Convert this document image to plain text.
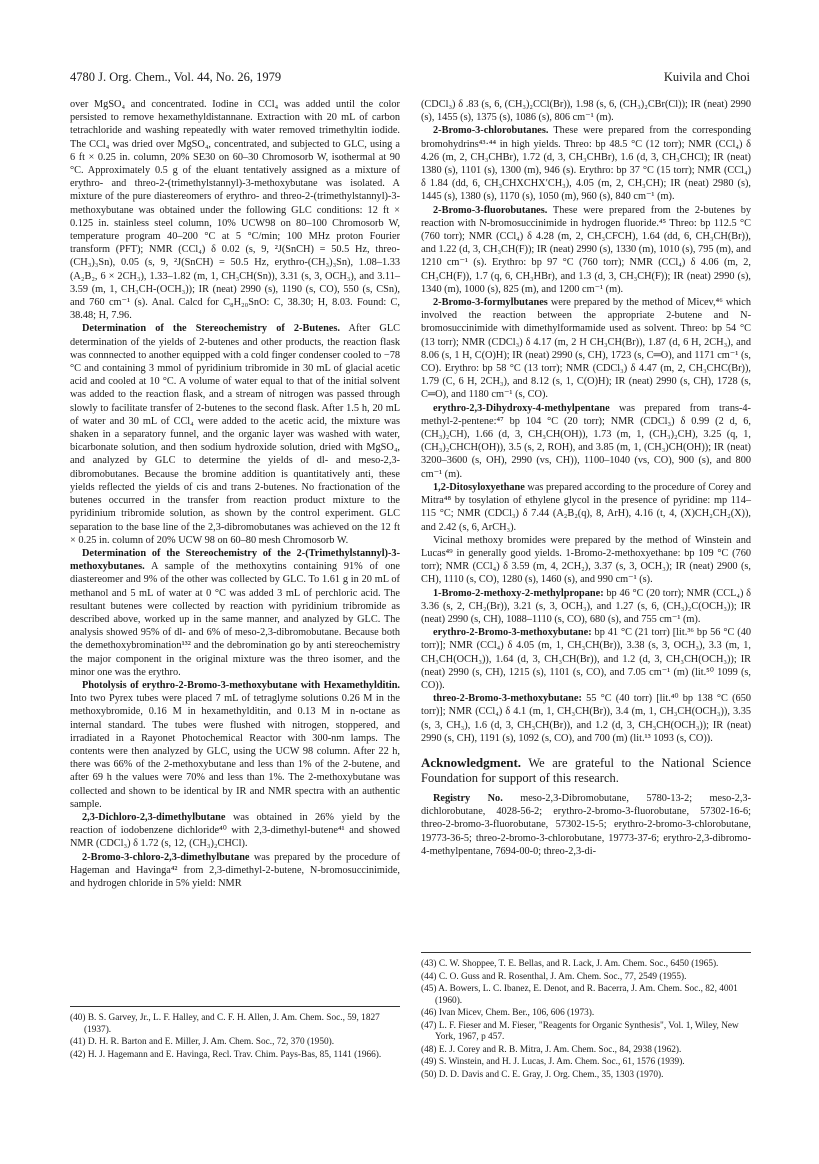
4780 J. Org. Chem., Vol. 44, No. 26, 1979	Kuivila and Choi

over MgSO₄ and concentrated. Iodine in CCl₄ was added until the color persisted to remove hexamethyldistannane. Extraction with 20 mL of carbon tetrachloride and washing repeatedly with water removed trimethyltin iodide. The CCl₄ was dried over MgSO₄, concentrated, and subjected to GLC, using a 6 ft × 0.25 in. column, 20% SE30 on 60–30 Chromosorb W, isothermal at 90 °C. Approximately 0.5 g of the eluant tentatively assigned as a mixture of erythro- and threo-2-(trimethylstannyl)-3-methoxybutane was isolated. A mixture of the pure diastereomers of erythro- and threo-2-(trimethylstannyl)-3-methoxybutane was obtained under the following GLC conditions: 12 ft × 0.125 in. stainless steel column, 10% UCW98 on 80–100 Chromosorb W, temperature program 40–200 °C at 5 °C/min; 100 MHz proton Fourier transform (PFT); NMR (CCl₄) δ 0.02 (s, 9, ²J(SnCH) = 50.5 Hz, threo-(CH₃)₃Sn), 0.05 (s, 9, ²J(SnCH) = 50.5 Hz, erythro-(CH₃)₃Sn), 1.08–1.33 (A₂B₂, 6 × 2CH₃), 1.33–1.82 (m, 1, CH₃CH(Sn)), 3.31 (s, 3, OCH₃), and 3.11–3.59 (m, 1, CH₃CH-(OCH₃)); IR (neat) 2990 (s), 1190 (s, CO), 550 (s, CSn), and 760 cm⁻¹ (s). Anal. Calcd for C₈H₂₀SnO: C, 38.30; H, 8.03. Found: C, 38.48; H, 7.96.

Determination of the Stereochemistry of 2-Butenes. After GLC determination of the yields of 2-butenes and other products, the reaction flask was connnected to another equipped with a cold finger condenser cooled to −78 °C and containing 3 mmol of pyridinium tribromide in 30 mL of glacial acetic acid and cooled at 10 °C. A volume of water equal to that of the initial solvent was added to the reaction flask, and a stream of nitrogen was passed through slowly to facilitate transfer of 2-butenes to the second flask. After 1.5 h, 20 mL of water and 30 mL of CCl₄ were added to the acetic acid, the mixture was shaken in a separatory funnel, and the organic layer was washed with water, bicarbonate solution, and then sodium hydroxide solution, dried with MgSO₄, and analyzed by GLC to determine the yields of dl- and meso-2,3-dibromobutanes. Because the bromine addition is quantitatively anti, these yields reflected the yields of cis and trans 2-butenes. No fractionation of the butenes occurred in the transfer from reaction product mixture to the pyridinium tribromide solution, as shown by the control experiment. GLC separation to the base line of the 2,3-dibromobutanes was achieved on the 12 ft × 0.25 in. column of 20% UCW 98 on 60–80 mesh Chromosorb W.

Determination of the Stereochemistry of the 2-(Trimethylstannyl)-3-methoxybutanes. A sample of the methoxytins containing 91% of one diastereomer and 9% of the other was collected by GLC. To 1.61 g in 20 mL of methanol and 5 mL of water at 0 °C was added 3 mL of perchloric acid. The resultant butenes were collected by reaction with pyridinium tribromide as described above, worked up in the same manner, and analyzed by GLC. The analysis showed 95% of dl- and 6% of meso-2,3-dibromobutane. Because both the demethoxybromination¹³² and the debromination go by anti stereochemistry the major component in the original mixture was the threo isomer, and the minor one was the erythro.

Photolysis of erythro-2-Bromo-3-methoxybutane with Hexamethylditin. Into two Pyrex tubes were placed 7 mL of tetraglyme solutions 0.26 M in the methoxybromide, 0.16 M in hexamethylditin, and 0.13 M in n-octane as internal standard. The tubes were flushed with nitrogen, stoppered, and irradiated in a Rayonet Photochemical Reactor with 300-nm lamps. The contents were then analyzed by GLC, using the UCW 98 column. After 22 h, there was 66% of the 2-methoxybutane and less than 1% of the 2-butene, and after 69 h the values were 70% and less than 1%. The 2-methoxybutane was collected and shown to be identical by IR and NMR spectra with an authentic sample.

2,3-Dichloro-2,3-dimethylbutane was obtained in 26% yield by the reaction of iodobenzene dichloride⁴⁰ with 2,3-dimethyl-butene⁴¹ and showed NMR (CDCl₃) δ 1.72 (s, 12, (CH₃)₂CHCl).

2-Bromo-3-chloro-2,3-dimethylbutane was prepared by the procedure of Hageman and Havinga⁴² from 2,3-dimethyl-2-butene, N-bromosuccinimide, and hydrogen chloride in 5% yield: NMR

(CDCl₃) δ .83 (s, 6, (CH₃)₂CCl(Br)), 1.98 (s, 6, (CH₃)₂CBr(Cl)); IR (neat) 2990 (s), 1455 (s), 1375 (s), 1086 (s), 806 cm⁻¹ (m).

2-Bromo-3-chlorobutanes. These were prepared from the corresponding bromohydrins⁴³·⁴⁴ in high yields. Threo: bp 48.5 °C (12 torr); NMR (CCl₄) δ 4.26 (m, 2, CH₃CHBr), 1.72 (d, 3, CH₃CHBr), 1.6 (d, 3, CH₃CHCl); IR (neat) 1380 (s), 1101 (s), 1300 (m), 946 (s). Erythro: bp 37 °C (15 torr); NMR (CCl₄) δ 1.84 (dd, 6, CH₃CHXCHX′CH₃), 4.05 (m, 2, CH₃CH); IR (neat) 2980 (s), 1445 (s), 1380 (s), 1170 (s), 1050 (m), 960 (s), 840 cm⁻¹ (m).

2-Bromo-3-fluorobutanes. These were prepared from the 2-butenes by reaction with N-bromosuccinimide in hydrogen fluoride.⁴⁵ Threo: bp 112.5 °C (760 torr); NMR (CCl₄) δ 4.28 (m, 2, CH₃CFCH), 1.64 (dd, 6, CH₃CH(Br)), and 1.22 (d, 3, CH₃CH(F)); IR (neat) 2990 (s), 1330 (m), 1010 (s), 795 (m), and 1210 cm⁻¹ (s). Erythro: bp 97 °C (760 torr); NMR (CCl₄) δ 4.06 (m, 2, CH₃CH(F)), 1.7 (q, 6, CH₃HBr), and 1.3 (d, 3, CH₃CH(F)); IR (neat) 2990 (s), 1340 (m), 1000 (s), 825 (m), and 1200 cm⁻¹ (m).

2-Bromo-3-formylbutanes were prepared by the method of Micev,⁴⁶ which involved the reaction between the appropriate 2-butene and N-bromosuccinimide with dimethylformamide used as solvent. Threo: bp 54 °C (13 torr); NMR (CDCl₃) δ 4.17 (m, 2 H CH₃CH(Br)), 1.87 (d, 6 H, 2CH₃), and 8.06 (s, 1 H, C(O)H); IR (neat) 2990 (s, CH), 1723 (s, C═O), and 1171 cm⁻¹ (s, CO). Erythro: bp 58 °C (13 torr); NMR (CDCl₃) δ 4.47 (m, 2, CH₃CHC(Br)), 1.79 (C, 6 H, 2CH₃), and 8.12 (s, 1, C(O)H); IR (neat) 2990 (s, CH), 1728 (s, C═O), and 1180 cm⁻¹ (s, CO).

erythro-2,3-Dihydroxy-4-methylpentane was prepared from trans-4-methyl-2-pentene:⁴⁷ bp 104 °C (20 torr); NMR (CDCl₃) δ 0.99 (2 d, 6, (CH₃)₂CH), 1.66 (d, 3, CH₃CH(OH)), 1.73 (m, 1, (CH₃)₂CH), 3.25 (q, 1, (CH₃)₂CHCH(OH)), 3.5 (s, 2, ROH), and 3.85 (m, 1, (CH₃)CH(OH)); IR (neat) 3200–3600 (s, OH), 2990 (vs, CH)), 1100–1040 (vs, CO), 900 (s), and 800 cm⁻¹ (m).

1,2-Ditosyloxyethane was prepared according to the procedure of Corey and Mitra⁴⁸ by tosylation of ethylene glycol in the presence of pyridine: mp 114–115 °C; NMR (CDCl₃) δ 7.44 (A₂B₂(q), 8, ArH), 4.16 (t, 4, (X)CH₂CH₂(X)), and 2.42 (s, 6, ArCH₃).

Vicinal methoxy bromides were prepared by the method of Winstein and Lucas⁴⁹ in generally good yields. 1-Bromo-2-methoxyethane: bp 109 °C (760 torr); NMR (CCl₄) δ 3.59 (m, 4, 2CH₂), 3.37 (s, 3, OCH₃); IR (neat) 2900 (s, CH), 1110 (s, CO), 1280 (s), 1460 (s), and 990 cm⁻¹ (s).

1-Bromo-2-methoxy-2-methylpropane: bp 46 °C (20 torr); NMR (CCL₄) δ 3.36 (s, 2, CH₂(Br)), 3.21 (s, 3, OCH₃), and 1.27 (s, 6, (CH₃)₂C(OCH₃)); IR (neat) 2990 (s, CH), 1088–1110 (s, CO), 680 (s), and 755 cm⁻¹ (m).

erythro-2-Bromo-3-methoxybutane: bp 41 °C (21 torr) [lit.³⁶ bp 56 °C (40 torr)]; NMR (CCl₄) δ 4.05 (m, 1, CH₃CH(Br)), 3.38 (s, 3, OCH₃), 3.3 (m, 1, CH₃CH(OCH₃)), 1.64 (d, 3, CH₃CH(Br)), and 1.2 (d, 3, CH₃CH(OCH₃)); IR (neat) 2990 (s, CH), 1215 (s), 1101 (s, CO), and 7.05 cm⁻¹ (m) (lit.⁵⁰ 1099 (s, CO)).

threo-2-Bromo-3-methoxybutane: 55 °C (40 torr) [lit.⁴⁰ bp 138 °C (650 torr)]; NMR (CCl₄) δ 4.1 (m, 1, CH₃CH(Br)), 3.4 (m, 1, CH₃CH(OCH₃)), 3.35 (s, 3, CH₃), 1.6 (d, 3, CH₃CH(Br)), and 1.2 (d, 3, CH₃CH(OCH₃)); IR (neat) 2990 (s, CH), 1191 (s), 1092 (s, CO), and 700 (m) (lit.¹³ 1093 (s, CO)).

Acknowledgment. We are grateful to the National Science Foundation for support of this research.

Registry No. meso-2,3-Dibromobutane, 5780-13-2; meso-2,3-dichlorobutane, 4028-56-2; erythro-2-bromo-3-fluorobutane, 57302-16-6; threo-2-bromo-3-fluorobutane, 57302-15-5; erythro-2-bromo-3-chlorobutane, 19773-36-5; threo-2-bromo-3-chlorobutane, 19773-37-6; erythro-2,3-dibromo-4-methylpentane, 7694-00-0; threo-2,3-di-

(40) B. S. Garvey, Jr., L. F. Halley, and C. F. H. Allen, J. Am. Chem. Soc., 59, 1827 (1937).

(41) D. H. R. Barton and E. Miller, J. Am. Chem. Soc., 72, 370 (1950).

(42) H. J. Hagemann and E. Havinga, Recl. Trav. Chim. Pays-Bas, 85, 1141 (1966).

(43) C. W. Shoppee, T. E. Bellas, and R. Lack, J. Am. Chem. Soc., 6450 (1965).

(44) C. O. Guss and R. Rosenthal, J. Am. Chem. Soc., 77, 2549 (1955).

(45) A. Bowers, L. C. Ibanez, E. Denot, and R. Bacerra, J. Am. Chem. Soc., 82, 4001 (1960).

(46) Ivan Micev, Chem. Ber., 106, 606 (1973).

(47) L. F. Fieser and M. Fieser, "Reagents for Organic Synthesis", Vol. 1, Wiley, New York, 1967, p 457.

(48) E. J. Corey and R. B. Mitra, J. Am. Chem. Soc., 84, 2938 (1962).

(49) S. Winstein, and H. J. Lucas, J. Am. Chem. Soc., 61, 1576 (1939).

(50) D. D. Davis and C. E. Gray, J. Org. Chem., 35, 1303 (1970).
